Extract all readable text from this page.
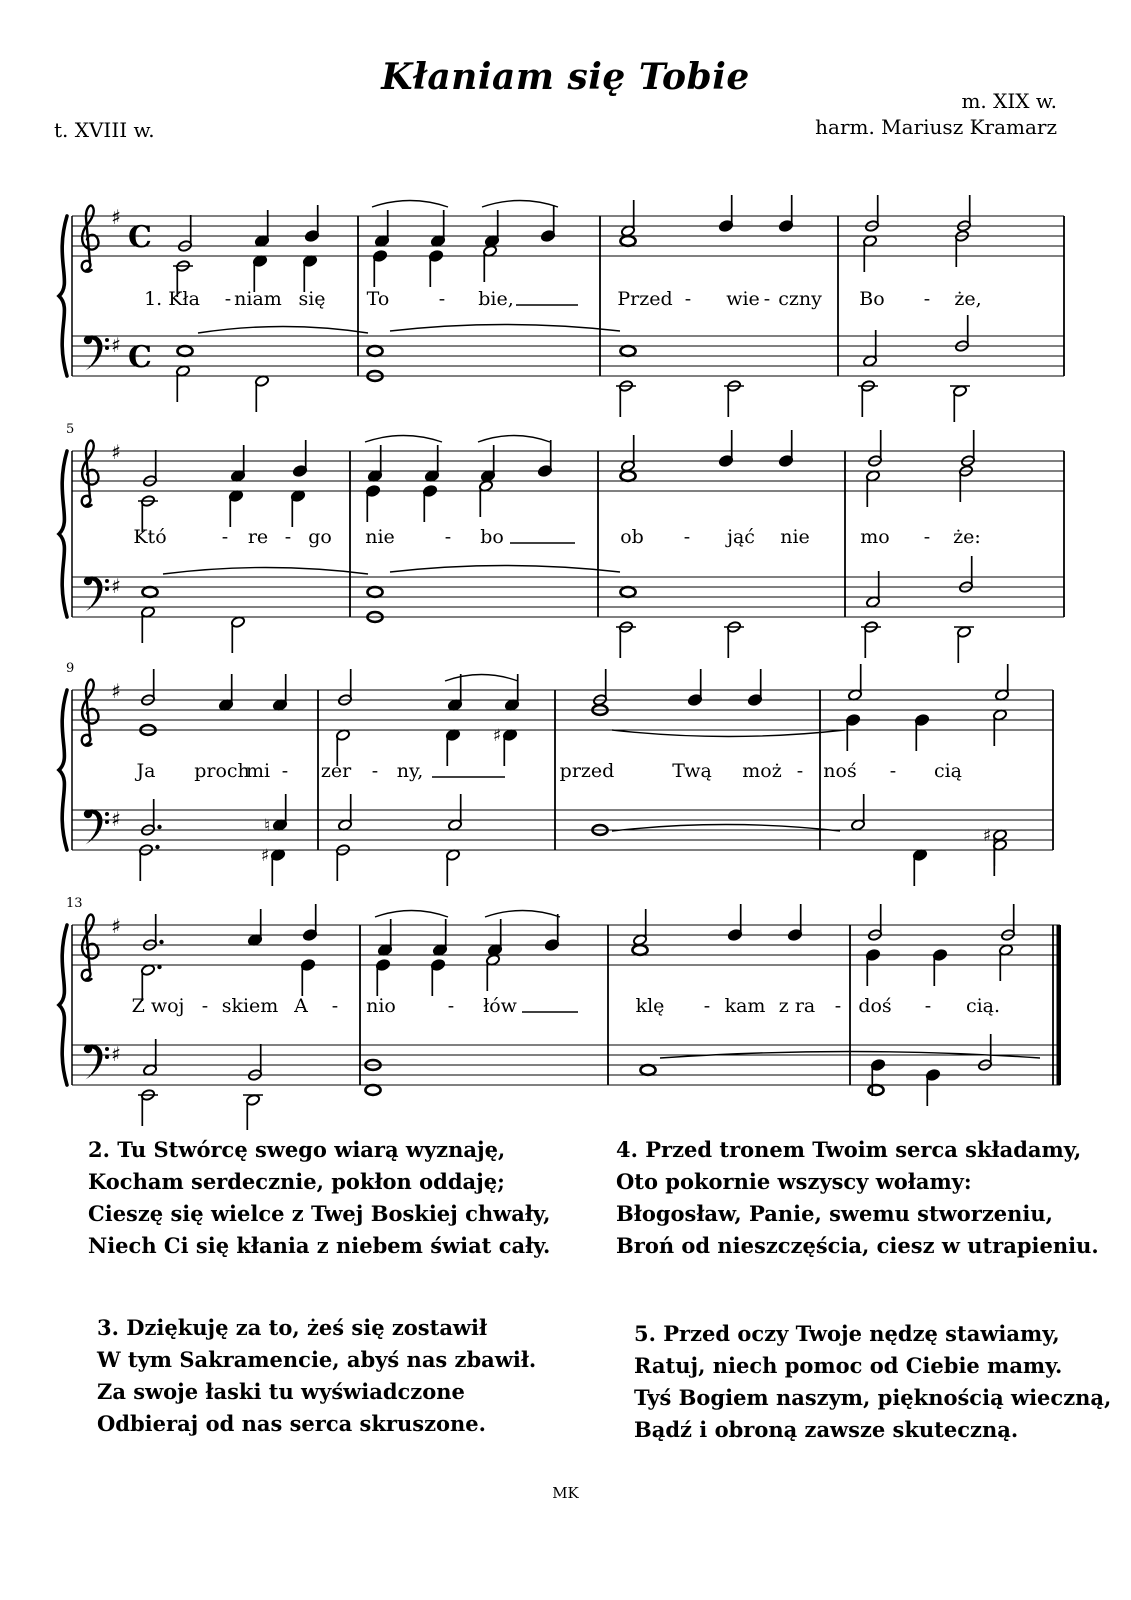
Kłaniam się Tobie
m. XIX w.
harm. Mariusz Kramarz
t. XVIII w.
♯
♯
C
C
1. Kła - niam się To	- bie,	Przed - wie - czny Bo - że,
♯
♯
Któ	- re - go nie	- bo	ob - jąć nie	mo - że:
5
♯
♯
♯
♮
♯
♯
Ja proch
mi - zer - ny,	przed	Twą moż - noś - cią
9
♯
♯
Z woj - skiem A - nio	- łów	klę - kam z ra - doś - cią.
13

2. Tu Stwórcę swego wiarą wyznaję,

Kocham serdecznie, pokłon oddaję;

Cieszę się wielce z Twej Boskiej chwały,

Niech Ci się kłania z niebem świat cały.

4. Przed tronem Twoim serca składamy,

Oto pokornie wszyscy wołamy:

Błogosław, Panie, swemu stworzeniu,

Broń od nieszczęścia, ciesz w utrapieniu.

3. Dziękuję za to, żeś się zostawił

W tym Sakramencie, abyś nas zbawił.

Za swoje łaski tu wyświadczone

Odbieraj od nas serca skruszone.

5. Przed oczy Twoje nędzę stawiamy,

Ratuj, niech pomoc od Ciebie mamy.

Tyś Bogiem naszym, pięknością wieczną,

Bądź i obroną zawsze skuteczną.

MK
